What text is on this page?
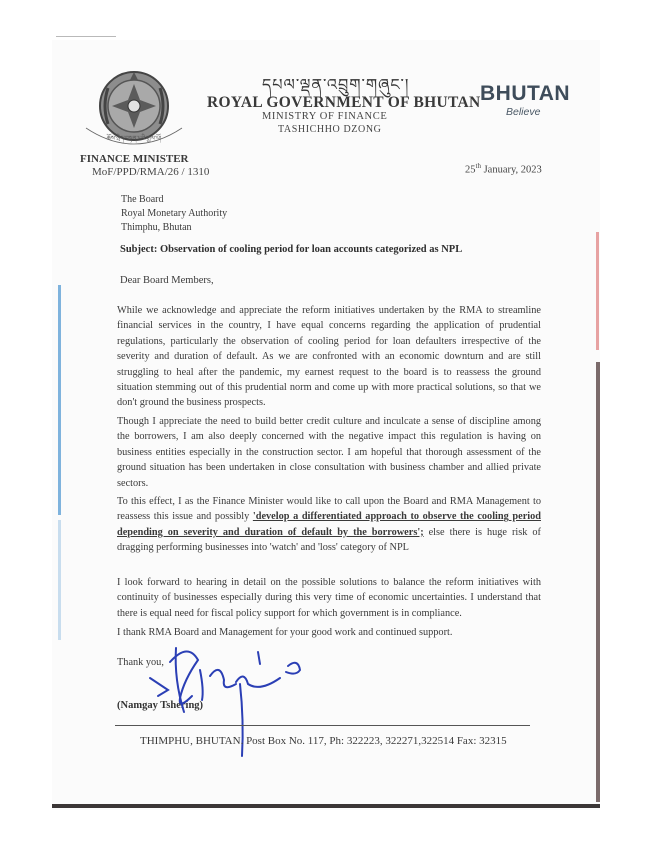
ཆོས་སྲིད་བསྟན་པའི་རྒྱལ་པོ།
དཔལ་ལྡན་འབྲུག་གཞུང་།
ROYAL GOVERNMENT OF BHUTAN
MINISTRY OF FINANCE
TASHICHHO DZONG
BHUTAN
Believe
FINANCE MINISTER
MoF/PPD/RMA/26 / 1310	25th January, 2023
The Board
Royal Monetary Authority
Thimphu, Bhutan
Subject: Observation of cooling period for loan accounts categorized as NPL
Dear Board Members,
While we acknowledge and appreciate the reform initiatives undertaken by the RMA to streamline financial services in the country, I have equal concerns regarding the application of prudential regulations, particularly the observation of cooling period for loan defaulters irrespective of the severity and duration of default. As we are confronted with an economic downturn and are still struggling to heal after the pandemic, my earnest request to the board is to reassess the ground situation stemming out of this prudential norm and come up with more practical solutions, so that we don't ground the business prospects.
Though I appreciate the need to build better credit culture and inculcate a sense of discipline among the borrowers, I am also deeply concerned with the negative impact this regulation is having on business entities especially in the construction sector. I am hopeful that thorough assessment of the ground situation has been undertaken in close consultation with business chamber and allied private sectors.
To this effect, I as the Finance Minister would like to call upon the Board and RMA Management to reassess this issue and possibly 'develop a differentiated approach to observe the cooling period depending on severity and duration of default by the borrowers'; else there is huge risk of dragging performing businesses into 'watch' and 'loss' category of NPL
I look forward to hearing in detail on the possible solutions to balance the reform initiatives with continuity of businesses especially during this very time of economic uncertainties. I understand that there is equal need for fiscal policy support for which government is in compliance.
I thank RMA Board and Management for your good work and continued support.
Thank you,
(Namgay Tshering)
THIMPHU, BHUTAN. Post Box No. 117, Ph: 322223, 322271,322514 Fax: 32315
